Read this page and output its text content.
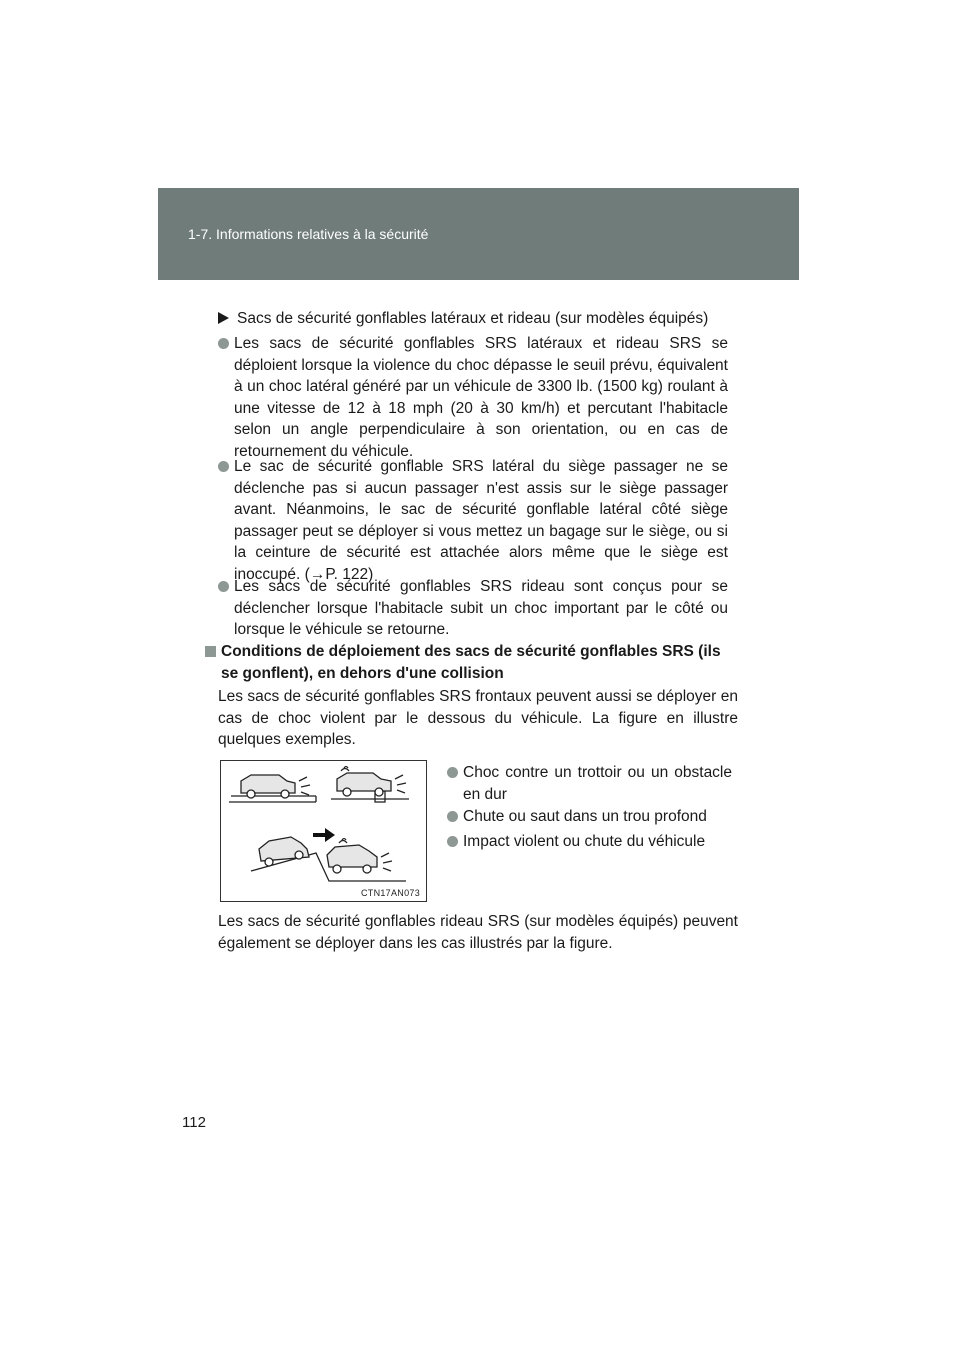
1-7. Informations relatives à la sécurité
Sacs de sécurité gonflables latéraux et rideau (sur modèles équipés)
Les sacs de sécurité gonflables SRS latéraux et rideau SRS se déploient lorsque la violence du choc dépasse le seuil prévu, équivalent à un choc latéral généré par un véhicule de 3300 lb. (1500 kg) roulant à une vitesse de 12 à 18 mph (20 à 30 km/h) et percutant l'habitacle selon un angle perpendiculaire à son orientation, ou en cas de retournement du véhicule.
Le sac de sécurité gonflable SRS latéral du siège passager ne se déclenche pas si aucun passager n'est assis sur le siège passager avant. Néanmoins, le sac de sécurité gonflable latéral côté siège passager peut se déployer si vous mettez un bagage sur le siège, ou si la ceinture de sécurité est attachée alors même que le siège est inoccupé. (→P. 122)
Les sacs de sécurité gonflables SRS rideau sont conçus pour se déclencher lorsque l'habitacle subit un choc important par le côté ou lorsque le véhicule se retourne.
Conditions de déploiement des sacs de sécurité gonflables SRS (ils se gonflent), en dehors d'une collision
Les sacs de sécurité gonflables SRS frontaux peuvent aussi se déployer en cas de choc violent par le dessous du véhicule. La figure en illustre quelques exemples.
CTN17AN073
Choc contre un trottoir ou un obstacle en dur
Chute ou saut dans un trou profond
Impact violent ou chute du véhicule
Les sacs de sécurité gonflables rideau SRS (sur modèles équipés) peuvent également se déployer dans les cas illustrés par la figure.
112
